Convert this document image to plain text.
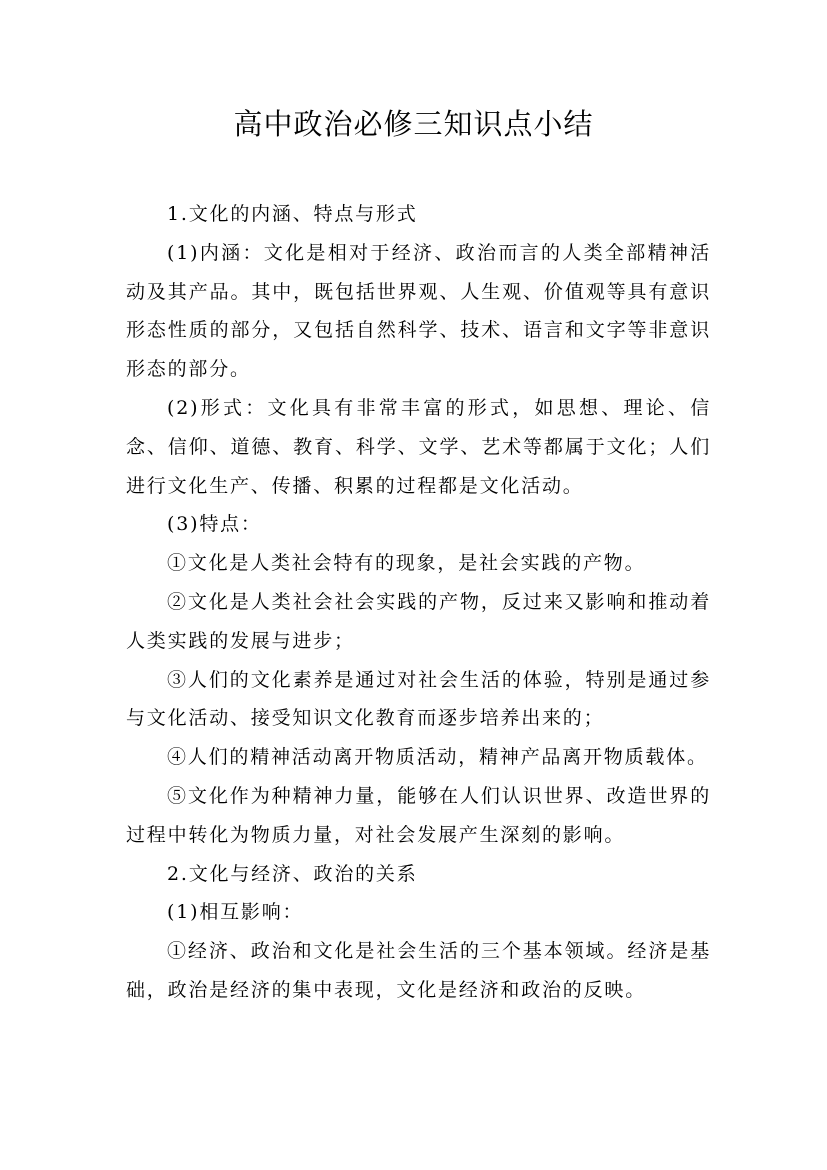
高中政治必修三知识点小结

1.文化的内涵、特点与形式

(1)内涵：文化是相对于经济、政治而言的人类全部精神活动及其产品。其中，既包括世界观、人生观、价值观等具有意识形态性质的部分，又包括自然科学、技术、语言和文字等非意识形态的部分。

(2)形式：文化具有非常丰富的形式，如思想、理论、信念、信仰、道德、教育、科学、文学、艺术等都属于文化；人们进行文化生产、传播、积累的过程都是文化活动。

(3)特点：

①文化是人类社会特有的现象，是社会实践的产物。

②文化是人类社会社会实践的产物，反过来又影响和推动着人类实践的发展与进步；

③人们的文化素养是通过对社会生活的体验，特别是通过参与文化活动、接受知识文化教育而逐步培养出来的；

④人们的精神活动离开物质活动，精神产品离开物质载体。

⑤文化作为种精神力量，能够在人们认识世界、改造世界的过程中转化为物质力量，对社会发展产生深刻的影响。

2.文化与经济、政治的关系

(1)相互影响：

①经济、政治和文化是社会生活的三个基本领域。经济是基础，政治是经济的集中表现，文化是经济和政治的反映。
